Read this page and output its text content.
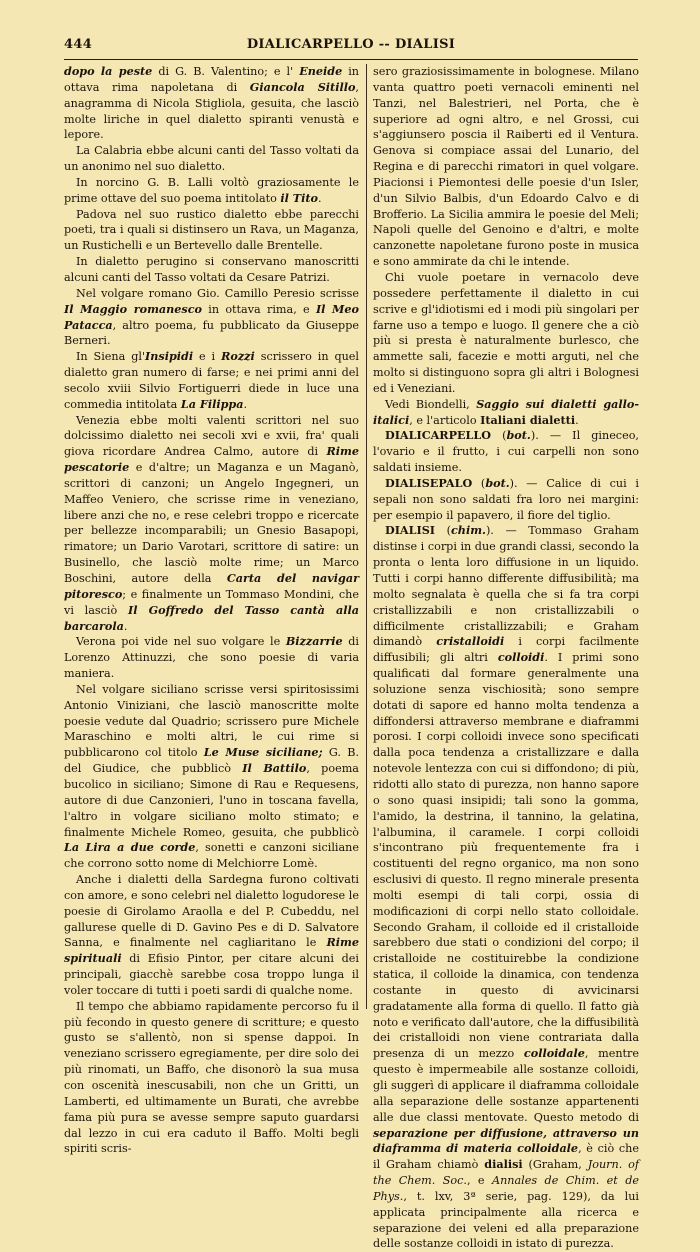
444	DIALICARPELLO -- DIALISI

dopo la peste di G. B. Valentino; e l' Eneide in ottava rima napoletana di Giancola Sitillo, anagramma di Nicola Stigliola, gesuita, che lasciò molte liriche in quel dialetto spiranti venustà e lepore.

La Calabria ebbe alcuni canti del Tasso voltati da un anonimo nel suo dialetto.

In norcino G. B. Lalli voltò graziosamente le prime ottave del suo poema intitolato il Tito.

Padova nel suo rustico dialetto ebbe parecchi poeti, tra i quali si distinsero un Rava, un Maganza, un Rustichelli e un Bertevello dalle Brentelle.

In dialetto perugino si conservano manoscritti alcuni canti del Tasso voltati da Cesare Patrizi.

Nel volgare romano Gio. Camillo Peresio scrisse Il Maggio romanesco in ottava rima, e Il Meo Patacca, altro poema, fu pubblicato da Giuseppe Berneri.

In Siena gl'Insipidi e i Rozzi scrissero in quel dialetto gran numero di farse; e nei primi anni del secolo xviii Silvio Fortiguerri diede in luce una commedia intitolata La Filippa.

Venezia ebbe molti valenti scrittori nel suo dolcissimo dialetto nei secoli xvi e xvii, fra' quali giova ricordare Andrea Calmo, autore di Rime pescatorie e d'altre; un Maganza e un Maganò, scrittori di canzoni; un Angelo Ingegneri, un Maffeo Veniero, che scrisse rime in veneziano, libere anzi che no, e rese celebri troppo e ricercate per bellezze incomparabili; un Gnesio Basapopi, rimatore; un Dario Varotari, scrittore di satire: un Businello, che lasciò molte rime; un Marco Boschini, autore della Carta del navigar pitoresco; e finalmente un Tommaso Mondini, che vi lasciò Il Goffredo del Tasso cantà alla barcarola.

Verona poi vide nel suo volgare le Bizzarrie di Lorenzo Attinuzzi, che sono poesie di varia maniera.

Nel volgare siciliano scrisse versi spiritosissimi Antonio Viniziani, che lasciò manoscritte molte poesie vedute dal Quadrio; scrissero pure Michele Maraschino e molti altri, le cui rime si pubblicarono col titolo Le Muse siciliane; G. B. del Giudice, che pubblicò Il Battilo, poema bucolico in siciliano; Simone di Rau e Requesens, autore di due Canzonieri, l'uno in toscana favella, l'altro in volgare siciliano molto stimato; e finalmente Michele Romeo, gesuita, che pubblicò La Lira a due corde, sonetti e canzoni siciliane che corrono sotto nome di Melchiorre Lomè.

Anche i dialetti della Sardegna furono coltivati con amore, e sono celebri nel dialetto logudorese le poesie di Girolamo Araolla e del P. Cubeddu, nel gallurese quelle di D. Gavino Pes e di D. Salvatore Sanna, e finalmente nel cagliaritano le Rime spirituali di Efisio Pintor, per citare alcuni dei principali, giacchè sarebbe cosa troppo lunga il voler toccare di tutti i poeti sardi di qualche nome.

Il tempo che abbiamo rapidamente percorso fu il più fecondo in questo genere di scritture; e questo gusto se s'allentò, non si spense dappoi. In veneziano scrissero egregiamente, per dire solo dei più rinomati, un Baffo, che disonorò la sua musa con oscenità inescusabili, non che un Gritti, un Lamberti, ed ultimamente un Burati, che avrebbe fama più pura se avesse sempre saputo guardarsi dal lezzo in cui era caduto il Baffo. Molti begli spiriti scris-

sero graziosissimamente in bolognese. Milano vanta quattro poeti vernacoli eminenti nel Tanzi, nel Balestrieri, nel Porta, che è superiore ad ogni altro, e nel Grossi, cui s'aggiunsero poscia il Raiberti ed il Ventura. Genova si compiace assai del Lunario, del Regina e di parecchi rimatori in quel volgare. Piacionsi i Piemontesi delle poesie d'un Isler, d'un Silvio Balbis, d'un Edoardo Calvo e di Brofferio. La Sicilia ammira le poesie del Meli; Napoli quelle del Genoino e d'altri, e molte canzonette napoletane furono poste in musica e sono ammirate da chi le intende.

Chi vuole poetare in vernacolo deve possedere perfettamente il dialetto in cui scrive e gl'idiotismi ed i modi più singolari per farne uso a tempo e luogo. Il genere che a ciò più si presta è naturalmente burlesco, che ammette sali, facezie e motti arguti, nel che molto si distinguono sopra gli altri i Bolognesi ed i Veneziani.

Vedi Biondelli, Saggio sui dialetti gallo-italici, e l'articolo Italiani dialetti.

DIALICARPELLO (bot.). — Il gineceo, l'ovario e il frutto, i cui carpelli non sono saldati insieme.

DIALISEPALO (bot.). — Calice di cui i sepali non sono saldati fra loro nei margini: per esempio il papavero, il fiore del tiglio.

DIALISI (chim.). — Tommaso Graham distinse i corpi in due grandi classi, secondo la pronta o lenta loro diffusione in un liquido. Tutti i corpi hanno differente diffusibilità; ma molto segnalata è quella che si fa tra corpi cristallizzabili e non cristallizzabili o difficilmente cristallizzabili; e Graham dimandò cristalloidi i corpi facilmente diffusibili; gli altri colloidi. I primi sono qualificati dal formare generalmente una soluzione senza vischiosità; sono sempre dotati di sapore ed hanno molta tendenza a diffondersi attraverso membrane e diaframmi porosi. I corpi colloidi invece sono specificati dalla poca tendenza a cristallizzare e dalla notevole lentezza con cui si diffondono; di più, ridotti allo stato di purezza, non hanno sapore o sono quasi insipidi; tali sono la gomma, l'amido, la destrina, il tannino, la gelatina, l'albumina, il caramele. I corpi colloidi s'incontrano più frequentemente fra i costituenti del regno organico, ma non sono esclusivi di questo. Il regno minerale presenta molti esempi di tali corpi, ossia di modificazioni di corpi nello stato colloidale. Secondo Graham, il colloide ed il cristalloide sarebbero due stati o condizioni del corpo; il cristalloide ne costituirebbe la condizione statica, il colloide la dinamica, con tendenza costante in questo di avvicinarsi gradatamente alla forma di quello. Il fatto già noto e verificato dall'autore, che la diffusibilità dei cristalloidi non viene contrariata dalla presenza di un mezzo colloidale, mentre questo è impermeabile alle sostanze colloidi, gli suggerì di applicare il diaframma colloidale alla separazione delle sostanze appartenenti alle due classi mentovate. Questo metodo di separazione per diffusione, attraverso un diaframma di materia colloidale, è ciò che il Graham chiamò dialisi (Graham, Journ. of the Chem. Soc., e Annales de Chim. et de Phys., t. lxv, 3ª serie, pag. 129), da lui applicata principalmente alla ricerca e separazione dei veleni ed alla preparazione delle sostanze colloidi in istato di purezza.
